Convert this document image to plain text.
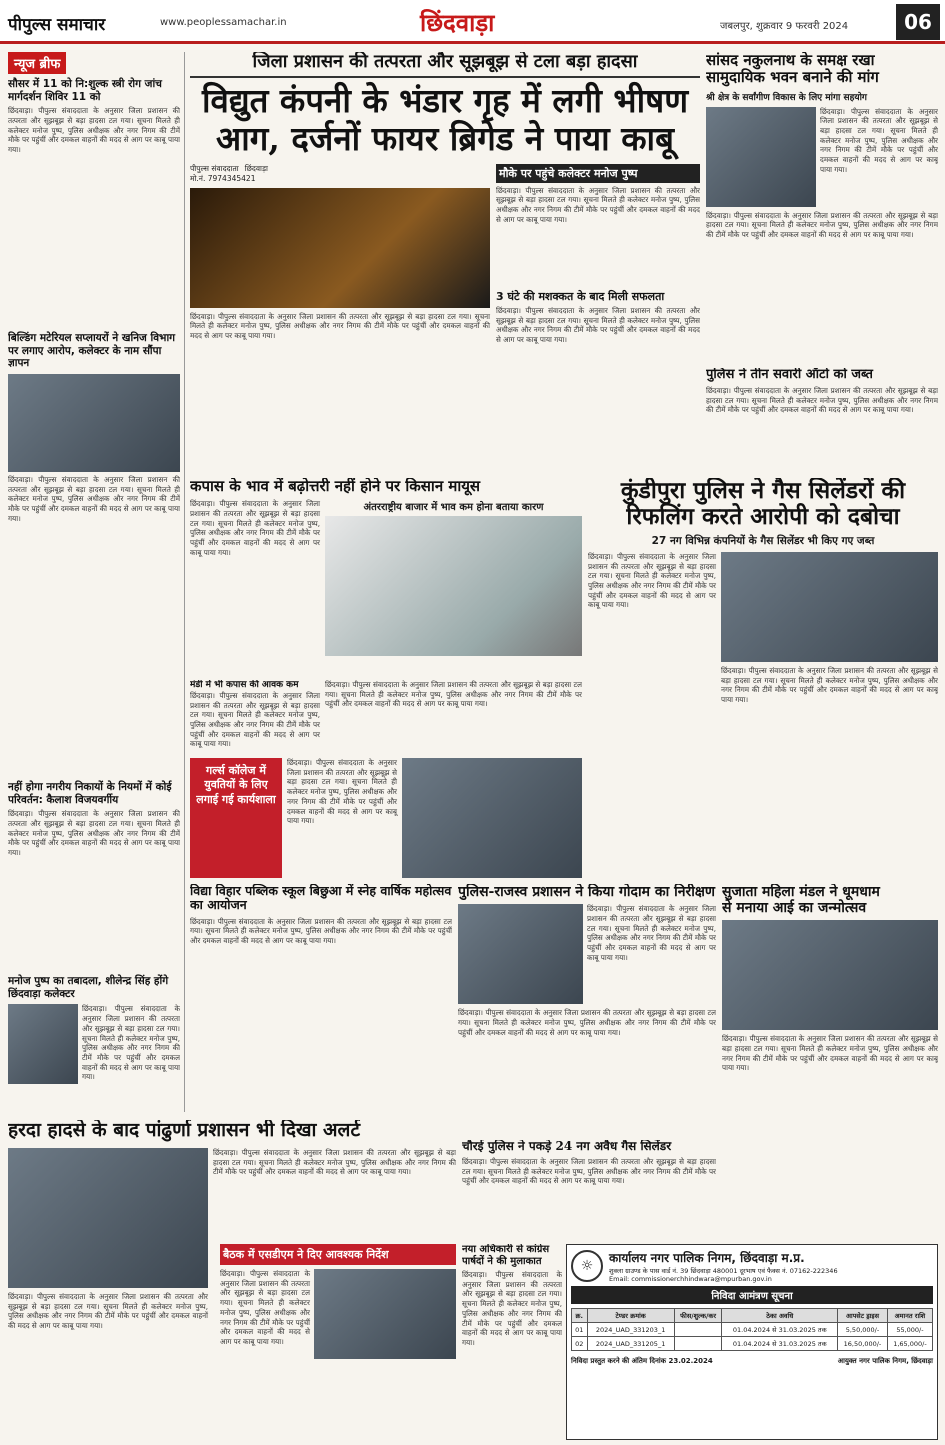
पीपुल्स समाचार	www.peoplessamachar.in	छिंदवाड़ा	जबलपुर, शुक्रवार 9 फरवरी 2024	06
न्यूज ब्रीफ
सौसर में 11 को नि:शुल्क स्त्री रोग जांच मार्गदर्शन शिविर 11 को
छिंदवाड़ा। पीपुल्स संवाददाता के अनुसार जिला प्रशासन की तत्परता और सूझबूझ से बड़ा हादसा टल गया। सूचना मिलते ही कलेक्टर मनोज पुष्प, पुलिस अधीक्षक और नगर निगम की टीमें मौके पर पहुंचीं और दमकल वाहनों की मदद से आग पर काबू पाया गया।
बिल्डिंग मटेरियल सप्लायरों ने खनिज विभाग पर लगाए आरोप, कलेक्टर के नाम सौंपा ज्ञापन
छिंदवाड़ा। पीपुल्स संवाददाता के अनुसार जिला प्रशासन की तत्परता और सूझबूझ से बड़ा हादसा टल गया। सूचना मिलते ही कलेक्टर मनोज पुष्प, पुलिस अधीक्षक और नगर निगम की टीमें मौके पर पहुंचीं और दमकल वाहनों की मदद से आग पर काबू पाया गया।
नहीं होगा नगरीय निकायों के नियमों में कोई परिवर्तन: कैलाश विजयवर्गीय
छिंदवाड़ा। पीपुल्स संवाददाता के अनुसार जिला प्रशासन की तत्परता और सूझबूझ से बड़ा हादसा टल गया। सूचना मिलते ही कलेक्टर मनोज पुष्प, पुलिस अधीक्षक और नगर निगम की टीमें मौके पर पहुंचीं और दमकल वाहनों की मदद से आग पर काबू पाया गया।
मनोज पुष्प का तबादला, शीलेन्द्र सिंह होंगे छिंदवाड़ा कलेक्टर
छिंदवाड़ा। पीपुल्स संवाददाता के अनुसार जिला प्रशासन की तत्परता और सूझबूझ से बड़ा हादसा टल गया। सूचना मिलते ही कलेक्टर मनोज पुष्प, पुलिस अधीक्षक और नगर निगम की टीमें मौके पर पहुंचीं और दमकल वाहनों की मदद से आग पर काबू पाया गया।
जिला प्रशासन की तत्परता और सूझबूझ से टला बड़ा हादसा
विद्युत कंपनी के भंडार गृह में लगी भीषण
आग, दर्जनों फायर ब्रिगेड ने पाया काबू
पीपुल्स संवाददाता छिंदवाड़ा
मो.नं. 7974345421
छिंदवाड़ा। पीपुल्स संवाददाता के अनुसार जिला प्रशासन की तत्परता और सूझबूझ से बड़ा हादसा टल गया। सूचना मिलते ही कलेक्टर मनोज पुष्प, पुलिस अधीक्षक और नगर निगम की टीमें मौके पर पहुंचीं और दमकल वाहनों की मदद से आग पर काबू पाया गया।
मौके पर पहुंचे कलेक्टर मनोज पुष्प
छिंदवाड़ा। पीपुल्स संवाददाता के अनुसार जिला प्रशासन की तत्परता और सूझबूझ से बड़ा हादसा टल गया। सूचना मिलते ही कलेक्टर मनोज पुष्प, पुलिस अधीक्षक और नगर निगम की टीमें मौके पर पहुंचीं और दमकल वाहनों की मदद से आग पर काबू पाया गया।
3 घंटे की मशक्कत के बाद मिली सफलता
छिंदवाड़ा। पीपुल्स संवाददाता के अनुसार जिला प्रशासन की तत्परता और सूझबूझ से बड़ा हादसा टल गया। सूचना मिलते ही कलेक्टर मनोज पुष्प, पुलिस अधीक्षक और नगर निगम की टीमें मौके पर पहुंचीं और दमकल वाहनों की मदद से आग पर काबू पाया गया।
सांसद नकुलनाथ के समक्ष रखा
सामुदायिक भवन बनाने की मांग
श्री क्षेत्र के सर्वांगीण विकास के लिए मांगा सहयोग
छिंदवाड़ा। पीपुल्स संवाददाता के अनुसार जिला प्रशासन की तत्परता और सूझबूझ से बड़ा हादसा टल गया। सूचना मिलते ही कलेक्टर मनोज पुष्प, पुलिस अधीक्षक और नगर निगम की टीमें मौके पर पहुंचीं और दमकल वाहनों की मदद से आग पर काबू पाया गया।
छिंदवाड़ा। पीपुल्स संवाददाता के अनुसार जिला प्रशासन की तत्परता और सूझबूझ से बड़ा हादसा टल गया। सूचना मिलते ही कलेक्टर मनोज पुष्प, पुलिस अधीक्षक और नगर निगम की टीमें मौके पर पहुंचीं और दमकल वाहनों की मदद से आग पर काबू पाया गया।
पुलिस ने तीन सवारी ऑटो को जब्त
छिंदवाड़ा। पीपुल्स संवाददाता के अनुसार जिला प्रशासन की तत्परता और सूझबूझ से बड़ा हादसा टल गया। सूचना मिलते ही कलेक्टर मनोज पुष्प, पुलिस अधीक्षक और नगर निगम की टीमें मौके पर पहुंचीं और दमकल वाहनों की मदद से आग पर काबू पाया गया।
कपास के भाव में बढ़ोत्तरी नहीं होने पर किसान मायूस
छिंदवाड़ा। पीपुल्स संवाददाता के अनुसार जिला प्रशासन की तत्परता और सूझबूझ से बड़ा हादसा टल गया। सूचना मिलते ही कलेक्टर मनोज पुष्प, पुलिस अधीक्षक और नगर निगम की टीमें मौके पर पहुंचीं और दमकल वाहनों की मदद से आग पर काबू पाया गया।
अंतरराष्ट्रीय बाजार में भाव कम होना बताया कारण
मंडी में भी कपास की आवक कम
छिंदवाड़ा। पीपुल्स संवाददाता के अनुसार जिला प्रशासन की तत्परता और सूझबूझ से बड़ा हादसा टल गया। सूचना मिलते ही कलेक्टर मनोज पुष्प, पुलिस अधीक्षक और नगर निगम की टीमें मौके पर पहुंचीं और दमकल वाहनों की मदद से आग पर काबू पाया गया।
छिंदवाड़ा। पीपुल्स संवाददाता के अनुसार जिला प्रशासन की तत्परता और सूझबूझ से बड़ा हादसा टल गया। सूचना मिलते ही कलेक्टर मनोज पुष्प, पुलिस अधीक्षक और नगर निगम की टीमें मौके पर पहुंचीं और दमकल वाहनों की मदद से आग पर काबू पाया गया।
कुंडीपुरा पुलिस ने गैस सिलेंडरों की
रिफलिंग करते आरोपी को दबोचा
27 नग विभिन्न कंपनियों के गैस सिलेंडर भी किए गए जब्त
छिंदवाड़ा। पीपुल्स संवाददाता के अनुसार जिला प्रशासन की तत्परता और सूझबूझ से बड़ा हादसा टल गया। सूचना मिलते ही कलेक्टर मनोज पुष्प, पुलिस अधीक्षक और नगर निगम की टीमें मौके पर पहुंचीं और दमकल वाहनों की मदद से आग पर काबू पाया गया।
छिंदवाड़ा। पीपुल्स संवाददाता के अनुसार जिला प्रशासन की तत्परता और सूझबूझ से बड़ा हादसा टल गया। सूचना मिलते ही कलेक्टर मनोज पुष्प, पुलिस अधीक्षक और नगर निगम की टीमें मौके पर पहुंचीं और दमकल वाहनों की मदद से आग पर काबू पाया गया।
गर्ल्स कॉलेज में युवतियों के लिए लगाई गई कार्यशाला
छिंदवाड़ा। पीपुल्स संवाददाता के अनुसार जिला प्रशासन की तत्परता और सूझबूझ से बड़ा हादसा टल गया। सूचना मिलते ही कलेक्टर मनोज पुष्प, पुलिस अधीक्षक और नगर निगम की टीमें मौके पर पहुंचीं और दमकल वाहनों की मदद से आग पर काबू पाया गया।
विद्या विहार पब्लिक स्कूल बिछुआ में स्नेह वार्षिक महोत्सव का आयोजन
छिंदवाड़ा। पीपुल्स संवाददाता के अनुसार जिला प्रशासन की तत्परता और सूझबूझ से बड़ा हादसा टल गया। सूचना मिलते ही कलेक्टर मनोज पुष्प, पुलिस अधीक्षक और नगर निगम की टीमें मौके पर पहुंचीं और दमकल वाहनों की मदद से आग पर काबू पाया गया।
पुलिस-राजस्व प्रशासन ने किया गोदाम का निरीक्षण
छिंदवाड़ा। पीपुल्स संवाददाता के अनुसार जिला प्रशासन की तत्परता और सूझबूझ से बड़ा हादसा टल गया। सूचना मिलते ही कलेक्टर मनोज पुष्प, पुलिस अधीक्षक और नगर निगम की टीमें मौके पर पहुंचीं और दमकल वाहनों की मदद से आग पर काबू पाया गया।
छिंदवाड़ा। पीपुल्स संवाददाता के अनुसार जिला प्रशासन की तत्परता और सूझबूझ से बड़ा हादसा टल गया। सूचना मिलते ही कलेक्टर मनोज पुष्प, पुलिस अधीक्षक और नगर निगम की टीमें मौके पर पहुंचीं और दमकल वाहनों की मदद से आग पर काबू पाया गया।
सुजाता महिला मंडल ने धूमधाम
से मनाया आई का जन्मोत्सव
छिंदवाड़ा। पीपुल्स संवाददाता के अनुसार जिला प्रशासन की तत्परता और सूझबूझ से बड़ा हादसा टल गया। सूचना मिलते ही कलेक्टर मनोज पुष्प, पुलिस अधीक्षक और नगर निगम की टीमें मौके पर पहुंचीं और दमकल वाहनों की मदद से आग पर काबू पाया गया।
हरदा हादसे के बाद पांढुर्णा प्रशासन भी दिखा अलर्ट
छिंदवाड़ा। पीपुल्स संवाददाता के अनुसार जिला प्रशासन की तत्परता और सूझबूझ से बड़ा हादसा टल गया। सूचना मिलते ही कलेक्टर मनोज पुष्प, पुलिस अधीक्षक और नगर निगम की टीमें मौके पर पहुंचीं और दमकल वाहनों की मदद से आग पर काबू पाया गया।
छिंदवाड़ा। पीपुल्स संवाददाता के अनुसार जिला प्रशासन की तत्परता और सूझबूझ से बड़ा हादसा टल गया। सूचना मिलते ही कलेक्टर मनोज पुष्प, पुलिस अधीक्षक और नगर निगम की टीमें मौके पर पहुंचीं और दमकल वाहनों की मदद से आग पर काबू पाया गया।
चौरई पुलिस ने पकड़े 24 नग अवैध गैस सिलेंडर
छिंदवाड़ा। पीपुल्स संवाददाता के अनुसार जिला प्रशासन की तत्परता और सूझबूझ से बड़ा हादसा टल गया। सूचना मिलते ही कलेक्टर मनोज पुष्प, पुलिस अधीक्षक और नगर निगम की टीमें मौके पर पहुंचीं और दमकल वाहनों की मदद से आग पर काबू पाया गया।
बैठक में एसडीएम ने दिए आवश्यक निर्देश
छिंदवाड़ा। पीपुल्स संवाददाता के अनुसार जिला प्रशासन की तत्परता और सूझबूझ से बड़ा हादसा टल गया। सूचना मिलते ही कलेक्टर मनोज पुष्प, पुलिस अधीक्षक और नगर निगम की टीमें मौके पर पहुंचीं और दमकल वाहनों की मदद से आग पर काबू पाया गया।
नया अधिकारी से कांग्रेस
पार्षदों ने की मुलाकात
छिंदवाड़ा। पीपुल्स संवाददाता के अनुसार जिला प्रशासन की तत्परता और सूझबूझ से बड़ा हादसा टल गया। सूचना मिलते ही कलेक्टर मनोज पुष्प, पुलिस अधीक्षक और नगर निगम की टीमें मौके पर पहुंचीं और दमकल वाहनों की मदद से आग पर काबू पाया गया।
☼	कार्यालय नगर पालिक निगम, छिंदवाड़ा म.प्र.
शुक्ला ग्राउण्ड के पास वार्ड नं. 39 छिंदवाड़ा 480001 दूरभाष एवं फैक्स नं. 07162-222346
Email: commissionerchhindwara@mpurban.gov.in
निविदा आमंत्रण सूचना
क्र.	टेण्डर क्रमांक	फीस/शुल्क/कर	ठेका अवधि	आपसेट ड्राइस	अमानत राशि
01	2024_UAD_331203_1		01.04.2024 से 31.03.2025 तक	5,50,000/-	55,000/-
02	2024_UAD_331205_1		01.04.2024 से 31.03.2025 तक	16,50,000/-	1,65,000/-
निविदा प्रस्तुत करने की अंतिम दिनांक 23.02.2024	आयुक्त नगर पालिक निगम, छिंदवाड़ा
